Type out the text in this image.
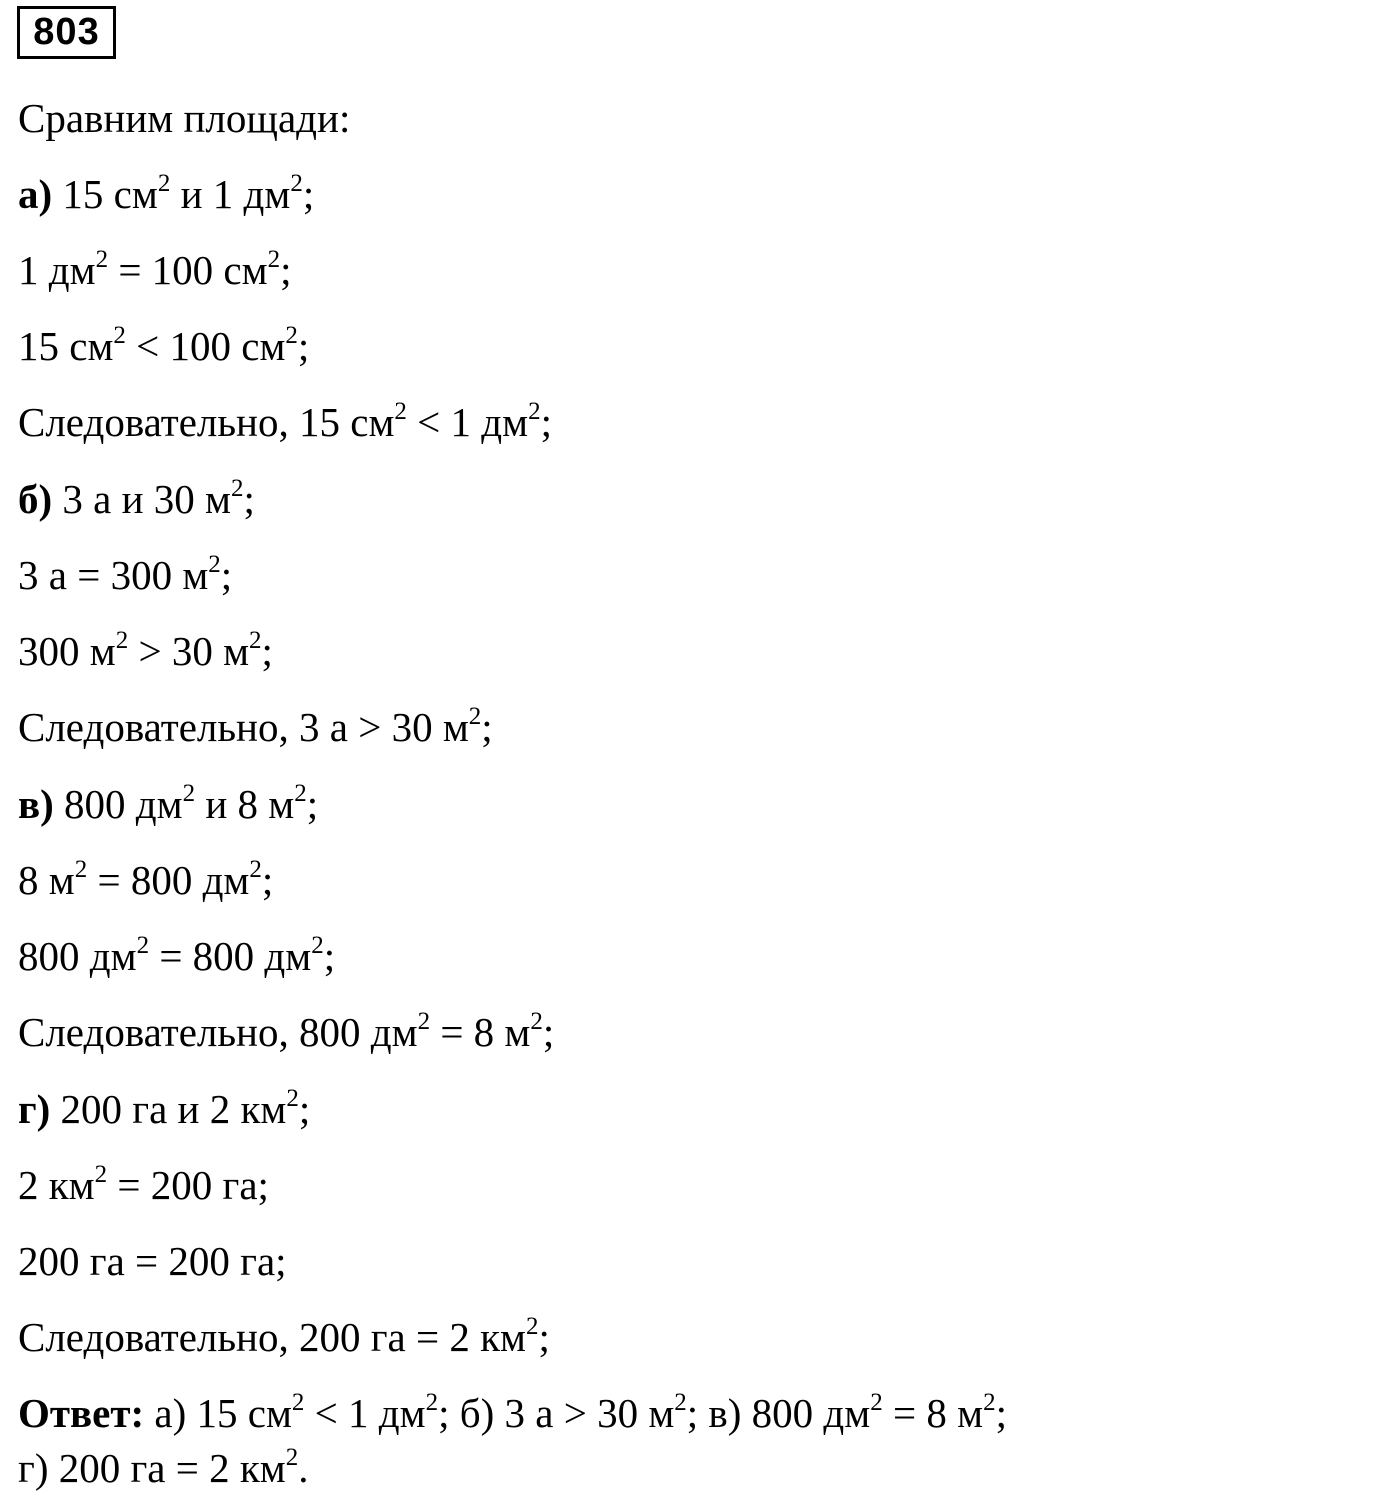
803
Сравним площади:
а) 15 $см^2$ и 1 $дм^2$;
1 $дм^2 = 100$ $см^2$;
15 $см^2 < 100$ $см^2$;
Следовательно, 15 $см^2 < 1$ $дм^2$;
б) 3 а и 30 $м^2$;
3 а = 300 $м^2$;
300 $м^2 > 30$ $м^2$;
Следовательно, 3 а > 30 $м^2$;
в) 800 $дм^2$ и 8 $м^2$;
8 $м^2 = 800$ $дм^2$;
800 $дм^2 = 800$ $дм^2$;
Следовательно, 800 $дм^2 = 8$ $м^2$;
г) 200 га и 2 $км^2$;
2 $км^2 = 200$ га;
200 га = 200 га;
Следовательно, 200 га = 2 $км^2$;
Ответ: а) 15 $см^2 < 1$ $дм^2$; б) 3 а > 30 $м^2$; в) 800 $дм^2 = 8$ $м^2$;
г) 200 га = 2 $км^2$.
